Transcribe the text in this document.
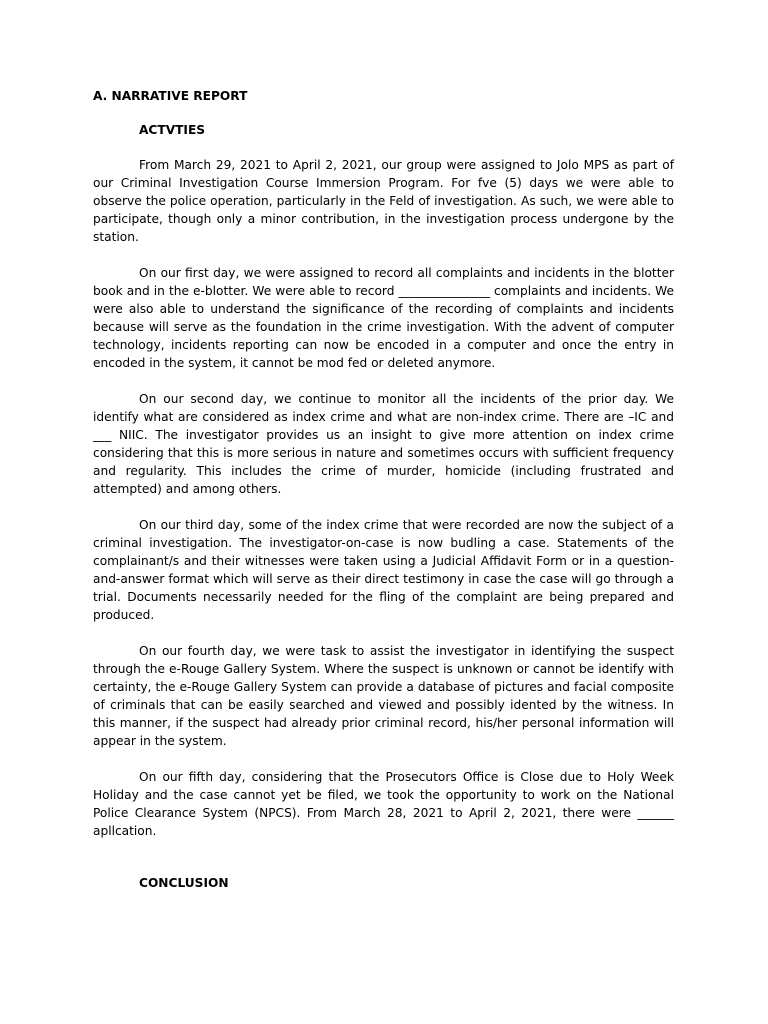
A. NARRATIVE REPORT

ACTVTIES

From March 29, 2021 to April 2, 2021, our group were assigned to Jolo MPS as part of our Criminal Investigation Course Immersion Program. For fve (5) days we were able to observe the police operation, particularly in the Feld of investigation. As such, we were able to participate, though only a minor contribution, in the investigation process undergone by the station.

On our first day, we were assigned to record all complaints and incidents in the blotter book and in the e-blotter. We were able to record _______________ complaints and incidents. We were also able to understand the significance of the recording of complaints and incidents because will serve as the foundation in the crime investigation. With the advent of computer technology, incidents reporting can now be encoded in a computer and once the entry in encoded in the system, it cannot be mod fed or deleted anymore.

On our second day, we continue to monitor all the incidents of the prior day. We identify what are considered as index crime and what are non-index crime. There are –IC and ___ NIIC. The investigator provides us an insight to give more attention on index crime considering that this is more serious in nature and sometimes occurs with sufficient frequency and regularity. This includes the crime of murder, homicide (including frustrated and attempted) and among others.

On our third day, some of the index crime that were recorded are now the subject of a criminal investigation. The investigator-on-case is now budling a case. Statements of the complainant/s and their witnesses were taken using a Judicial Affidavit Form or in a question-and-answer format which will serve as their direct testimony in case the case will go through a trial. Documents necessarily needed for the fling of the complaint are being prepared and produced.

On our fourth day, we were task to assist the investigator in identifying the suspect through the e-Rouge Gallery System. Where the suspect is unknown or cannot be identify with certainty, the e-Rouge Gallery System can provide a database of pictures and facial composite of criminals that can be easily searched and viewed and possibly idented by the witness. In this manner, if the suspect had already prior criminal record, his/her personal information will appear in the system.

On our fifth day, considering that the Prosecutors Office is Close due to Holy Week Holiday and the case cannot yet be filed, we took the opportunity to work on the National Police Clearance System (NPCS). From March 28, 2021 to April 2, 2021, there were ______ apllcation.

CONCLUSION
